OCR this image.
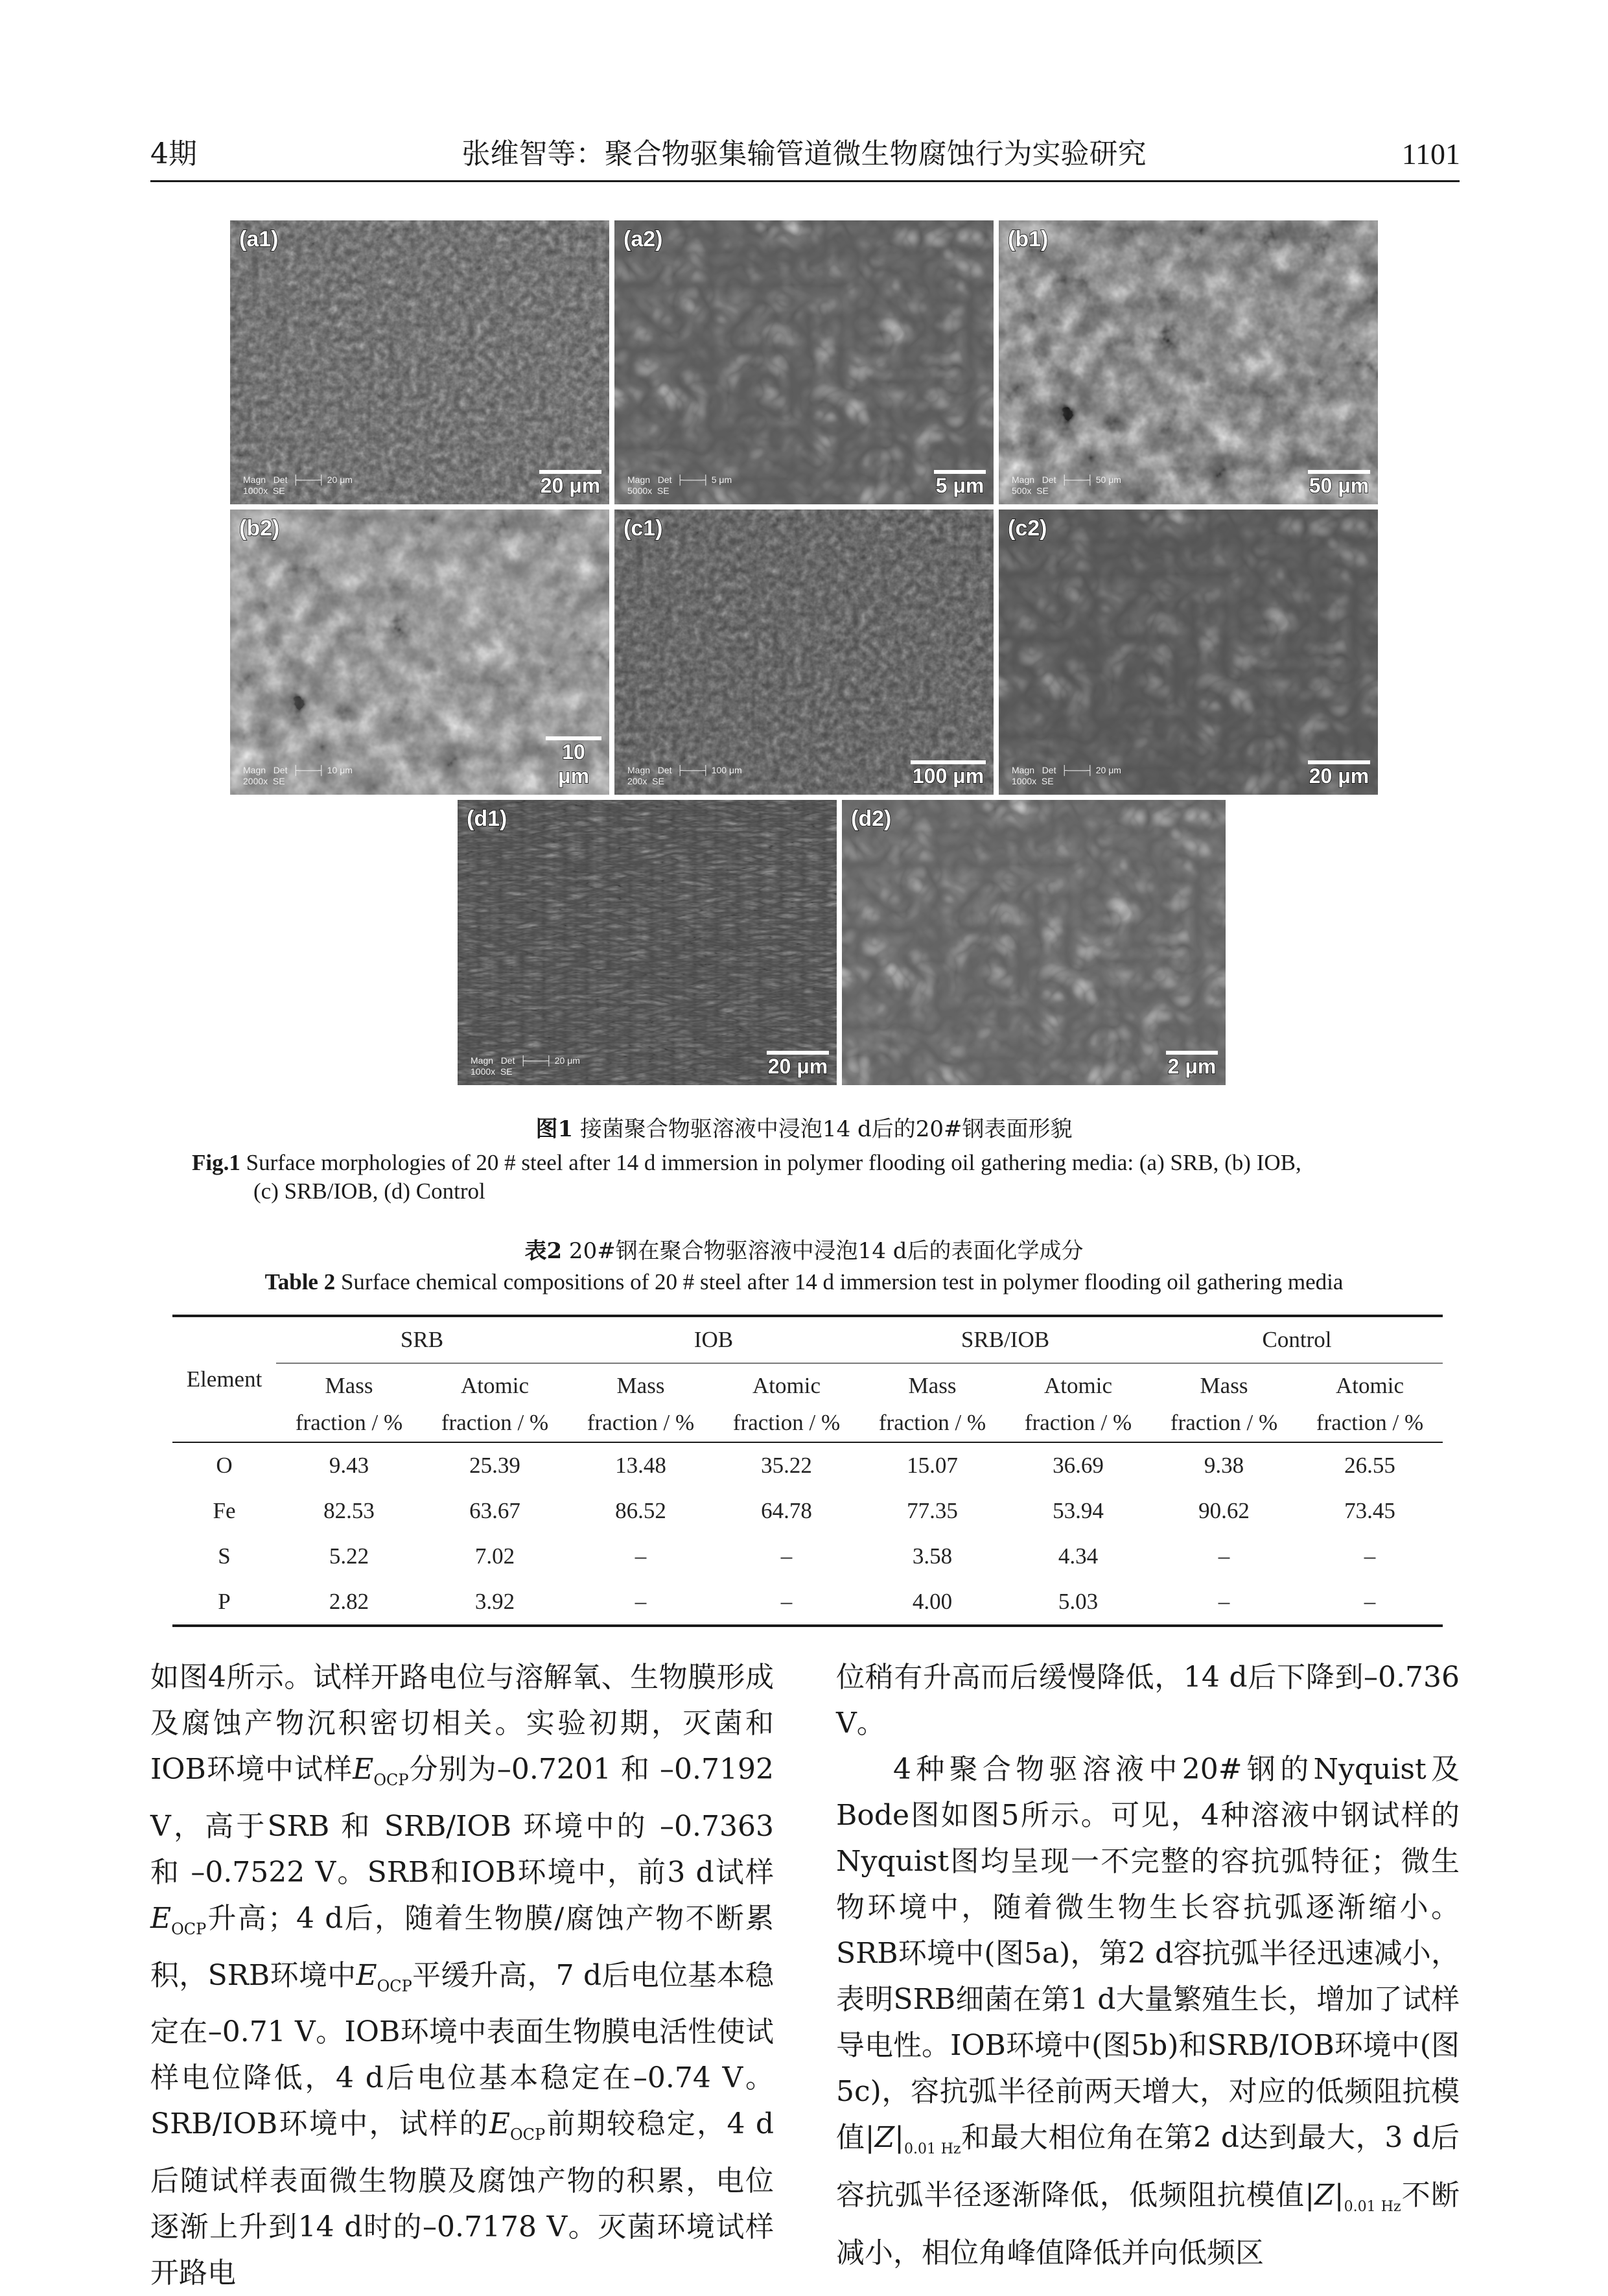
4期	张维智等：聚合物驱集输管道微生物腐蚀行为实验研究	1101
(a1)
Magn   Det  ├───┤ 20 μm
1000x  SE	20 μm
(a2)
Magn   Det  ├───┤ 5 μm
5000x  SE	5 μm
(b1)
Magn   Det  ├───┤ 50 μm
500x  SE	50 μm
(b2)
Magn   Det  ├───┤ 10 μm
2000x  SE
10 μm
(c1)
Magn   Det  ├───┤ 100 μm
200x  SE	100 μm
(c2)
Magn   Det  ├───┤ 20 μm
1000x  SE	20 μm
(d1)
Magn   Det  ├───┤ 20 μm
1000x  SE	20 μm
(d2)
2 μm
图1 接菌聚合物驱溶液中浸泡14 d后的20#钢表面形貌
Fig.1 Surface morphologies of 20 # steel after 14 d immersion in polymer flooding oil gathering media: (a) SRB, (b) IOB,
(c) SRB/IOB, (d) Control
表2 20#钢在聚合物驱溶液中浸泡14 d后的表面化学成分
Table 2 Surface chemical compositions of 20 # steel after 14 d immersion test in polymer flooding oil gathering media
Element	SRB		IOB		SRB/IOB		Control	
	Mass	Atomic	Mass	Atomic	Mass	Atomic	Mass	Atomic
	fraction / %	fraction / %	fraction / %	fraction / %	fraction / %	fraction / %	fraction / %	fraction / %
O	9.43	25.39	13.48	35.22	15.07	36.69	9.38	26.55
Fe	82.53	63.67	86.52	64.78	77.35	53.94	90.62	73.45
S	5.22	7.02	–	–	3.58	4.34	–	–
P	2.82	3.92	–	–	4.00	5.03	–	–

如图4所示。试样开路电位与溶解氧、生物膜形成及腐蚀产物沉积密切相关。实验初期，灭菌和IOB环境中试样$E_{OCP}$分别为–0.7201 和 –0.7192 V，高于SRB 和 SRB/IOB 环境中的 –0.7363 和 –0.7522 V。SRB和IOB环境中，前3 d试样$E_{OCP}$升高；4 d后，随着生物膜/腐蚀产物不断累积，SRB环境中$E_{OCP}$平缓升高，7 d后电位基本稳定在–0.71 V。IOB环境中表面生物膜电活性使试样电位降低，4 d后电位基本稳定在–0.74 V。SRB/IOB环境中，试样的$E_{OCP}$前期较稳定，4 d后随试样表面微生物膜及腐蚀产物的积累，电位逐渐上升到14 d时的–0.7178 V。灭菌环境试样开路电

位稍有升高而后缓慢降低，14 d后下降到–0.736 V。

4种聚合物驱溶液中20#钢的Nyquist及Bode图如图5所示。可见，4种溶液中钢试样的Nyquist图均呈现一不完整的容抗弧特征；微生物环境中，随着微生物生长容抗弧逐渐缩小。SRB环境中(图5a)，第2 d容抗弧半径迅速减小，表明SRB细菌在第1 d大量繁殖生长，增加了试样导电性。IOB环境中(图5b)和SRB/IOB环境中(图5c)，容抗弧半径前两天增大，对应的低频阻抗模值$|Z|_{0.01 Hz}$和最大相位角在第2 d达到最大，3 d后容抗弧半径逐渐降低，低频阻抗模值$|Z|_{0.01 Hz}$不断减小，相位角峰值降低并向低频区
